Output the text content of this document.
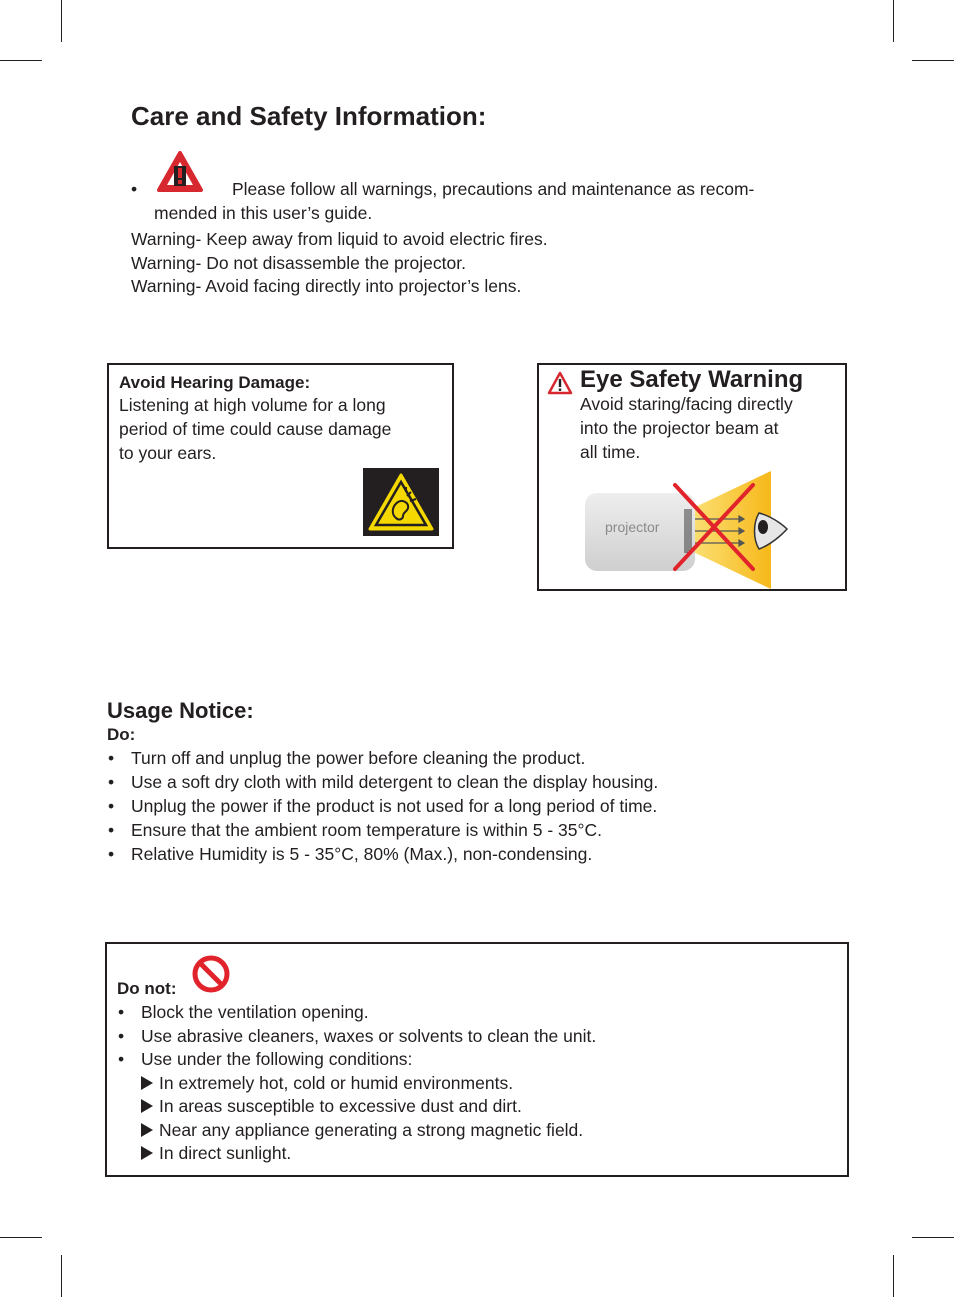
Care and Safety Information:
•	Please follow all warnings, precautions and maintenance as recom-
mended in this user’s guide.
Warning- Keep away from liquid to avoid electric fires.
Warning- Do not disassemble the projector.
Warning- Avoid facing directly into projector’s lens.
Avoid Hearing Damage:
Listening at high volume for a long
period of time could cause damage
to your ears.
Eye Safety Warning
Avoid staring/facing directly
into the projector beam at
all time.
projector
Usage Notice:
Do:
• Turn off and unplug the power before cleaning the product.
• Use a soft dry cloth with mild detergent to clean the display housing.
• Unplug the power if the product is not used for a long period of time.
• Ensure that the ambient room temperature is within 5 - 35°C.
• Relative Humidity is 5 - 35°C, 80% (Max.), non-condensing.
Do not:
• Block the ventilation opening.
• Use abrasive cleaners, waxes or solvents to clean the unit.
• Use under the following conditions:
In extremely hot, cold or humid environments.
In areas susceptible to excessive dust and dirt.
Near any appliance generating a strong magnetic field.
In direct sunlight.
